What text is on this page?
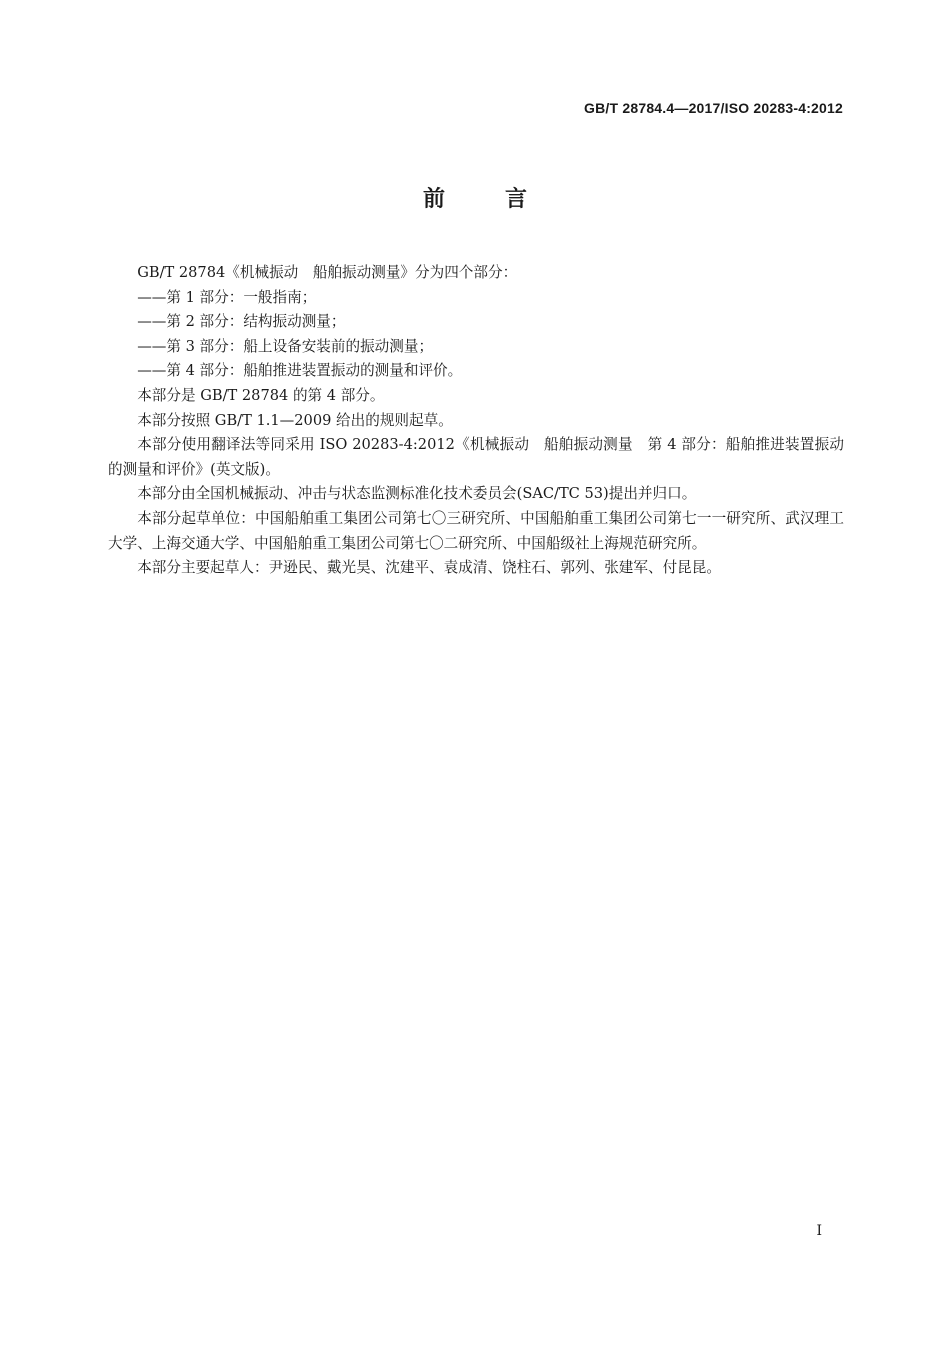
GB/T 28784.4—2017/ISO 20283-4:2012
前	言

GB/T 28784《机械振动　船舶振动测量》分为四个部分：

——第 1 部分：一般指南；

——第 2 部分：结构振动测量；

——第 3 部分：船上设备安装前的振动测量；

——第 4 部分：船舶推进装置振动的测量和评价。

本部分是 GB/T 28784 的第 4 部分。

本部分按照 GB/T 1.1—2009 给出的规则起草。

本部分使用翻译法等同采用 ISO 20283-4:2012《机械振动　船舶振动测量　第 4 部分：船舶推进装置振动的测量和评价》(英文版)。

本部分由全国机械振动、冲击与状态监测标准化技术委员会(SAC/TC 53)提出并归口。

本部分起草单位：中国船舶重工集团公司第七〇三研究所、中国船舶重工集团公司第七一一研究所、武汉理工大学、上海交通大学、中国船舶重工集团公司第七〇二研究所、中国船级社上海规范研究所。

本部分主要起草人：尹逊民、戴光昊、沈建平、袁成清、饶柱石、郭列、张建军、付昆昆。

I
